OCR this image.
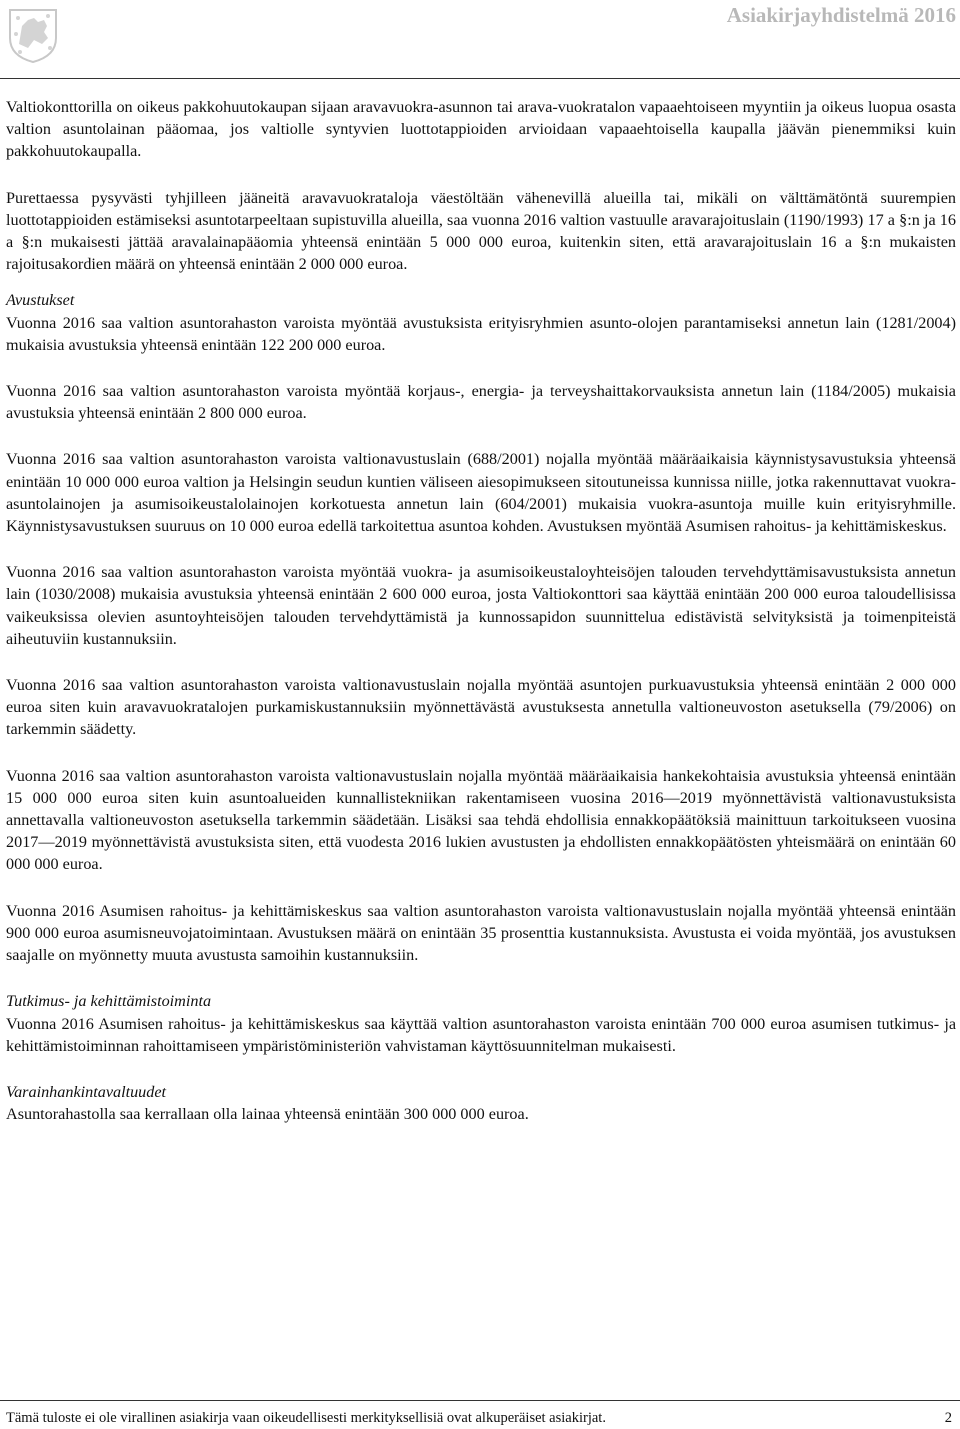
Asiakirjayhdistelmä 2016

Valtiokonttorilla on oikeus pakkohuutokaupan sijaan aravavuokra-asunnon tai arava-vuokratalon vapaaehtoiseen myyntiin ja oikeus luopua osasta valtion asuntolainan pääomaa, jos valtiolle syntyvien luottotappioiden arvioidaan vapaaehtoisella kaupalla jäävän pienemmiksi kuin pakkohuutokaupalla.

Purettaessa pysyvästi tyhjilleen jääneitä aravavuokrataloja väestöltään vähenevillä alueilla tai, mikäli on välttämätöntä suurempien luottotappioiden estämiseksi asuntotarpeeltaan supistuvilla alueilla, saa vuonna 2016 valtion vastuulle aravarajoituslain (1190/1993) 17 a §:n ja 16 a §:n mukaisesti jättää aravalainapääomia yhteensä enintään 5 000 000 euroa, kuitenkin siten, että aravarajoituslain 16 a §:n mukaisten rajoitusakordien määrä on yhteensä enintään 2 000 000 euroa.

Avustukset

Vuonna 2016 saa valtion asuntorahaston varoista myöntää avustuksista erityisryhmien asunto-olojen parantamiseksi annetun lain (1281/2004) mukaisia avustuksia yhteensä enintään 122 200 000 euroa.

Vuonna 2016 saa valtion asuntorahaston varoista myöntää korjaus-, energia- ja terveyshaittakorvauksista annetun lain (1184/2005) mukaisia avustuksia yhteensä enintään 2 800 000 euroa.

Vuonna 2016 saa valtion asuntorahaston varoista valtionavustuslain (688/2001) nojalla myöntää määräaikaisia käynnistysavustuksia yhteensä enintään 10 000 000 euroa valtion ja Helsingin seudun kuntien väliseen aiesopimukseen sitoutuneissa kunnissa niille, jotka rakennuttavat vuokra-asuntolainojen ja asumisoikeustalolainojen korkotuesta annetun lain (604/2001) mukaisia vuokra-asuntoja muille kuin erityisryhmille. Käynnistysavustuksen suuruus on 10 000 euroa edellä tarkoitettua asuntoa kohden. Avustuksen myöntää Asumisen rahoitus- ja kehittämiskeskus.

Vuonna 2016 saa valtion asuntorahaston varoista myöntää vuokra- ja asumisoikeustaloyhteisöjen talouden tervehdyttämisavustuksista annetun lain (1030/2008) mukaisia avustuksia yhteensä enintään 2 600 000 euroa, josta Valtiokonttori saa käyttää enintään 200 000 euroa taloudellisissa vaikeuksissa olevien asuntoyhteisöjen talouden tervehdyttämistä ja kunnossapidon suunnittelua edistävistä selvityksistä ja toimenpiteistä aiheutuviin kustannuksiin.

Vuonna 2016 saa valtion asuntorahaston varoista valtionavustuslain nojalla myöntää asuntojen purkuavustuksia yhteensä enintään 2 000 000 euroa siten kuin aravavuokratalojen purkamiskustannuksiin myönnettävästä avustuksesta annetulla valtioneuvoston asetuksella (79/2006) on tarkemmin säädetty.

Vuonna 2016 saa valtion asuntorahaston varoista valtionavustuslain nojalla myöntää määräaikaisia hankekohtaisia avustuksia yhteensä enintään 15 000 000 euroa siten kuin asuntoalueiden kunnallistekniikan rakentamiseen vuosina 2016—2019 myönnettävistä valtionavustuksista annettavalla valtioneuvoston asetuksella tarkemmin säädetään. Lisäksi saa tehdä ehdollisia ennakkopäätöksiä mainittuun tarkoitukseen vuosina 2017—2019 myönnettävistä avustuksista siten, että vuodesta 2016 lukien avustusten ja ehdollisten ennakkopäätösten yhteismäärä on enintään 60 000 000 euroa.

Vuonna 2016 Asumisen rahoitus- ja kehittämiskeskus saa valtion asuntorahaston varoista valtionavustuslain nojalla myöntää yhteensä enintään 900 000 euroa asumisneuvojatoimintaan. Avustuksen määrä on enintään 35 prosenttia kustannuksista. Avustusta ei voida myöntää, jos avustuksen saajalle on myönnetty muuta avustusta samoihin kustannuksiin.

Tutkimus- ja kehittämistoiminta

Vuonna 2016 Asumisen rahoitus- ja kehittämiskeskus saa käyttää valtion asuntorahaston varoista enintään 700 000 euroa asumisen tutkimus- ja kehittämistoiminnan rahoittamiseen ympäristöministeriön vahvistaman käyttösuunnitelman mukaisesti.

Varainhankintavaltuudet

Asuntorahastolla saa kerrallaan olla lainaa yhteensä enintään 300 000 000 euroa.

Tämä tuloste ei ole virallinen asiakirja vaan oikeudellisesti merkityksellisiä ovat alkuperäiset asiakirjat.	2
